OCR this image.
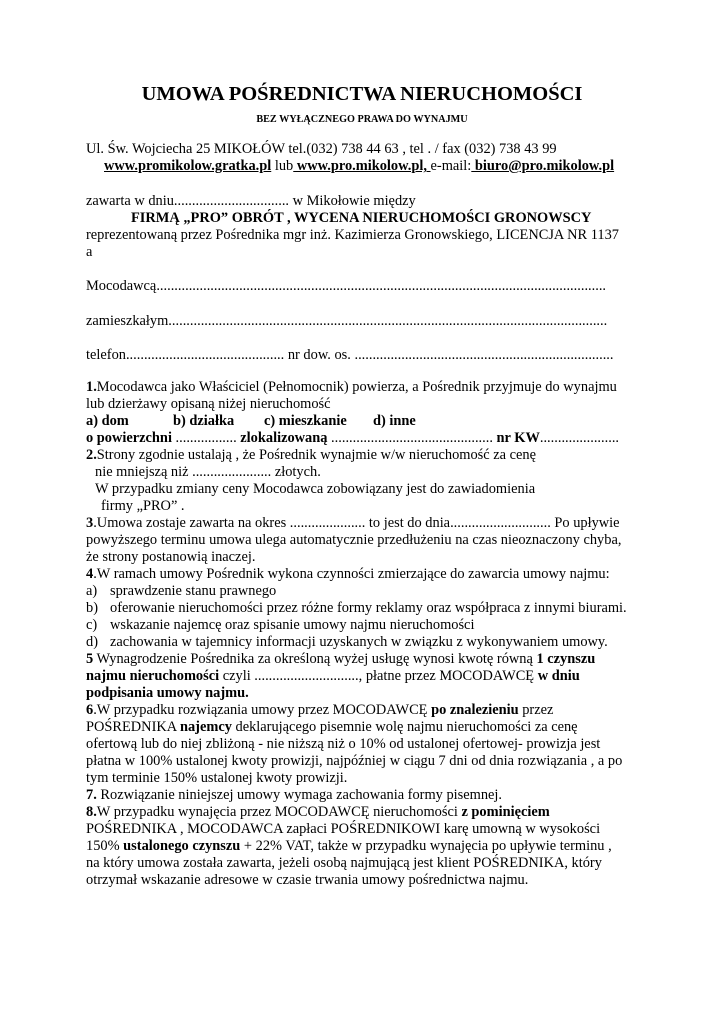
UMOWA POŚREDNICTWA NIERUCHOMOŚCI
BEZ WYŁĄCZNEGO PRAWA DO WYNAJMU
Ul. Św. Wojciecha 25 MIKOŁÓW tel.(032) 738 44 63 , tel . / fax (032) 738 43 99
www.promikolow.gratka.pl lub www.pro.mikolow.pl, e-mail: biuro@pro.mikolow.pl
zawarta w dniu................................ w Mikołowie między
FIRMĄ „PRO” OBRÓT , WYCENA NIERUCHOMOŚCI GRONOWSCY
reprezentowaną przez Pośrednika mgr inż. Kazimierza Gronowskiego, LICENCJA NR 1137
a
Mocodawcą.............................................................................................................................
zamieszkałym..........................................................................................................................
telefon............................................ nr dow. os. ........................................................................
1.Mocodawca jako Właściciel (Pełnomocnik) powierza, a Pośrednik przyjmuje do wynajmu
lub dzierżawy opisaną niżej nieruchomość
a) dom	b) działka c) mieszkanie d) inne
o powierzchni ................. zlokalizowaną ............................................. nr KW......................
2.Strony zgodnie ustalają , że Pośrednik wynajmie w/w nieruchomość za cenę
nie mniejszą niż ...................... złotych.
W przypadku zmiany ceny Mocodawca zobowiązany jest do zawiadomienia
firmy „PRO” .
3.Umowa zostaje zawarta na okres ..................... to jest do dnia............................ Po upływie
powyższego terminu umowa ulega automatycznie przedłużeniu na czas nieoznaczony chyba,
że strony postanowią inaczej.
4.W ramach umowy Pośrednik wykona czynności zmierzające do zawarcia umowy najmu:
a) sprawdzenie stanu prawnego
b) oferowanie nieruchomości przez różne formy reklamy oraz współpraca z innymi biurami.
c) wskazanie najemcę oraz spisanie umowy najmu nieruchomości
d) zachowania w tajemnicy informacji uzyskanych w związku z wykonywaniem umowy.
5 Wynagrodzenie Pośrednika za określoną wyżej usługę wynosi kwotę równą 1 czynszu
najmu nieruchomości czyli ............................., płatne przez MOCODAWCĘ w dniu
podpisania umowy najmu.
6.W przypadku rozwiązania umowy przez MOCODAWCĘ po znalezieniu przez
POŚREDNIKA najemcy deklarującego pisemnie wolę najmu nieruchomości za cenę
ofertową lub do niej zbliżoną - nie niższą niż o 10% od ustalonej ofertowej- prowizja jest
płatna w 100% ustalonej kwoty prowizji, najpóźniej w ciągu 7 dni od dnia rozwiązania , a po
tym terminie 150% ustalonej kwoty prowizji.
7. Rozwiązanie niniejszej umowy wymaga zachowania formy pisemnej.
8.W przypadku wynajęcia przez MOCODAWCĘ nieruchomości z pominięciem
POŚREDNIKA , MOCODAWCA zapłaci POŚREDNIKOWI karę umowną w wysokości
150% ustalonego czynszu + 22% VAT, także w przypadku wynajęcia po upływie terminu ,
na który umowa została zawarta, jeżeli osobą najmującą jest klient POŚREDNIKA, który
otrzymał wskazanie adresowe w czasie trwania umowy pośrednictwa najmu.
